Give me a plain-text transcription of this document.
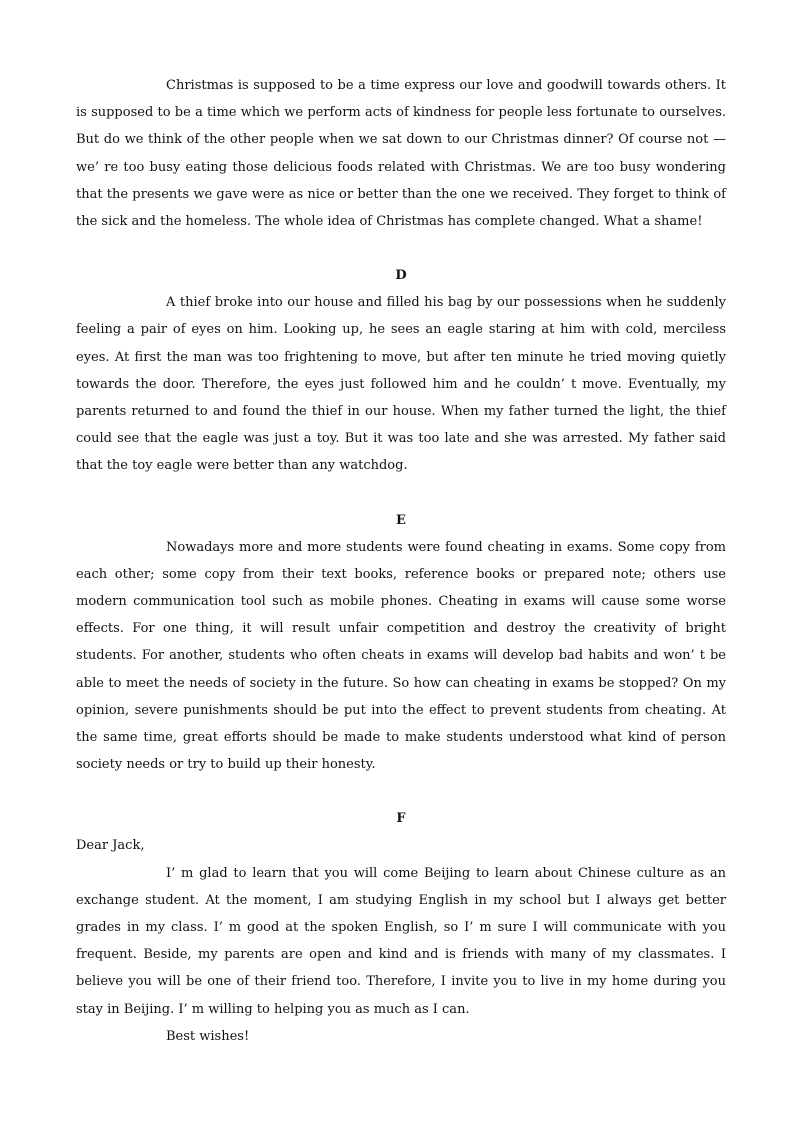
Christmas is supposed to be a time express our love and goodwill towards others. It is supposed to be a time which we perform acts of kindness for people less fortunate to ourselves. But do we think of the other people when we sat down to our Christmas dinner? Of course not — we’ re too busy eating those delicious foods related with Christmas. We are too busy wondering that the presents we gave were as nice or better than the one we received. They forget to think of the sick and the homeless. The whole idea of Christmas has complete changed. What a shame!

D

A thief broke into our house and filled his bag by our possessions when he suddenly feeling a pair of eyes on him. Looking up, he sees an eagle staring at him with cold, merciless eyes. At first the man was too frightening to move, but after ten minute he tried moving quietly towards the door. Therefore, the eyes just followed him and he couldn’ t move. Eventually, my parents returned to and found the thief in our house. When my father turned the light, the thief could see that the eagle was just a toy. But it was too late and she was arrested. My father said that the toy eagle were better than any watchdog.

E

Nowadays more and more students were found cheating in exams. Some copy from each other; some copy from their text books, reference books or prepared note; others use modern communication tool such as mobile phones. Cheating in exams will cause some worse effects. For one thing, it will result unfair competition and destroy the creativity of bright students. For another, students who often cheats in exams will develop bad habits and won’ t be able to meet the needs of society in the future. So how can cheating in exams be stopped? On my opinion, severe punishments should be put into the effect to prevent students from cheating. At the same time, great efforts should be made to make students understood what kind of person society needs or try to build up their honesty.

F

Dear Jack,

I’ m glad to learn that you will come Beijing to learn about Chinese culture as an exchange student. At the moment, I am studying English in my school but I always get better grades in my class. I’ m good at the spoken English, so I’ m sure I will communicate with you frequent. Beside, my parents are open and kind and is friends with many of my classmates. I believe you will be one of their friend too. Therefore, I invite you to live in my home during you stay in Beijing. I’ m willing to helping you as much as I can.

Best wishes!
